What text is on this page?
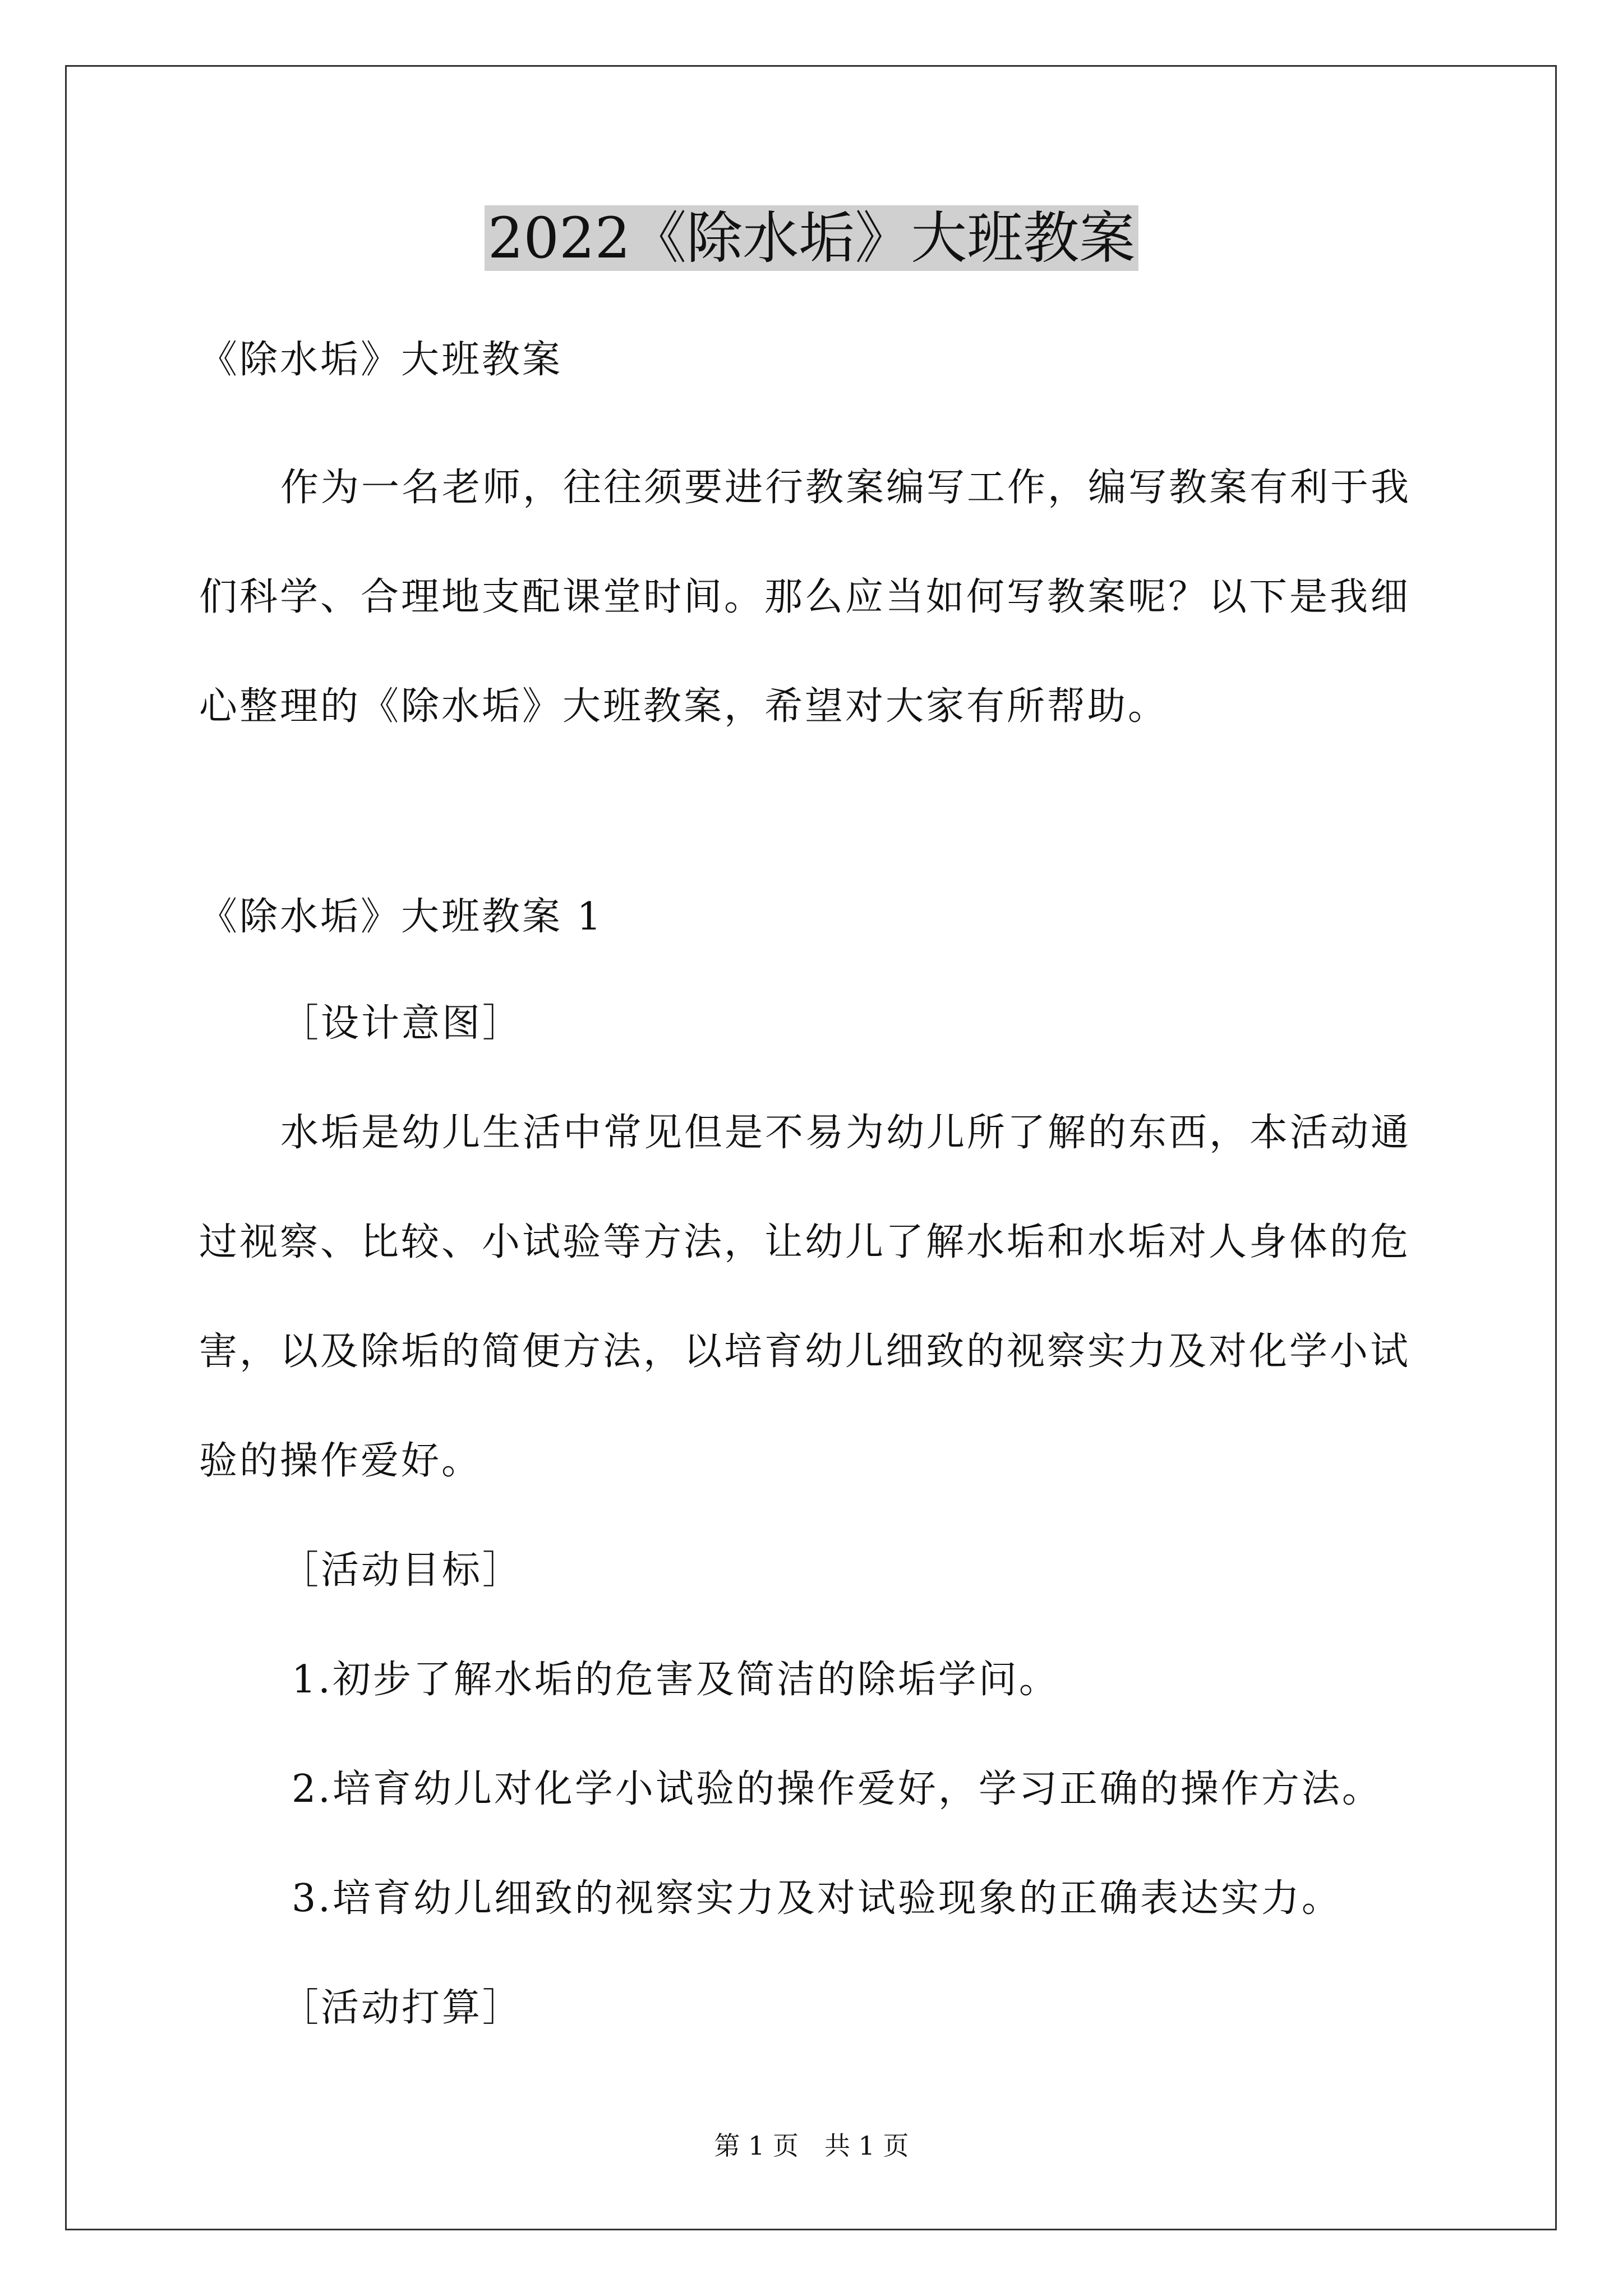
2022《除水垢》大班教案
《除水垢》大班教案
作为一名老师，往往须要进行教案编写工作，编写教案有利于我
们科学、合理地支配课堂时间。那么应当如何写教案呢？以下是我细
心整理的《除水垢》大班教案，希望对大家有所帮助。
《除水垢》大班教案 1
［设计意图］
水垢是幼儿生活中常见但是不易为幼儿所了解的东西，本活动通
过视察、比较、小试验等方法，让幼儿了解水垢和水垢对人身体的危
害，以及除垢的简便方法，以培育幼儿细致的视察实力及对化学小试
验的操作爱好。
［活动目标］
1.初步了解水垢的危害及简洁的除垢学问。
2.培育幼儿对化学小试验的操作爱好，学习正确的操作方法。
3.培育幼儿细致的视察实力及对试验现象的正确表达实力。
［活动打算］
第 1 页　共 1 页
